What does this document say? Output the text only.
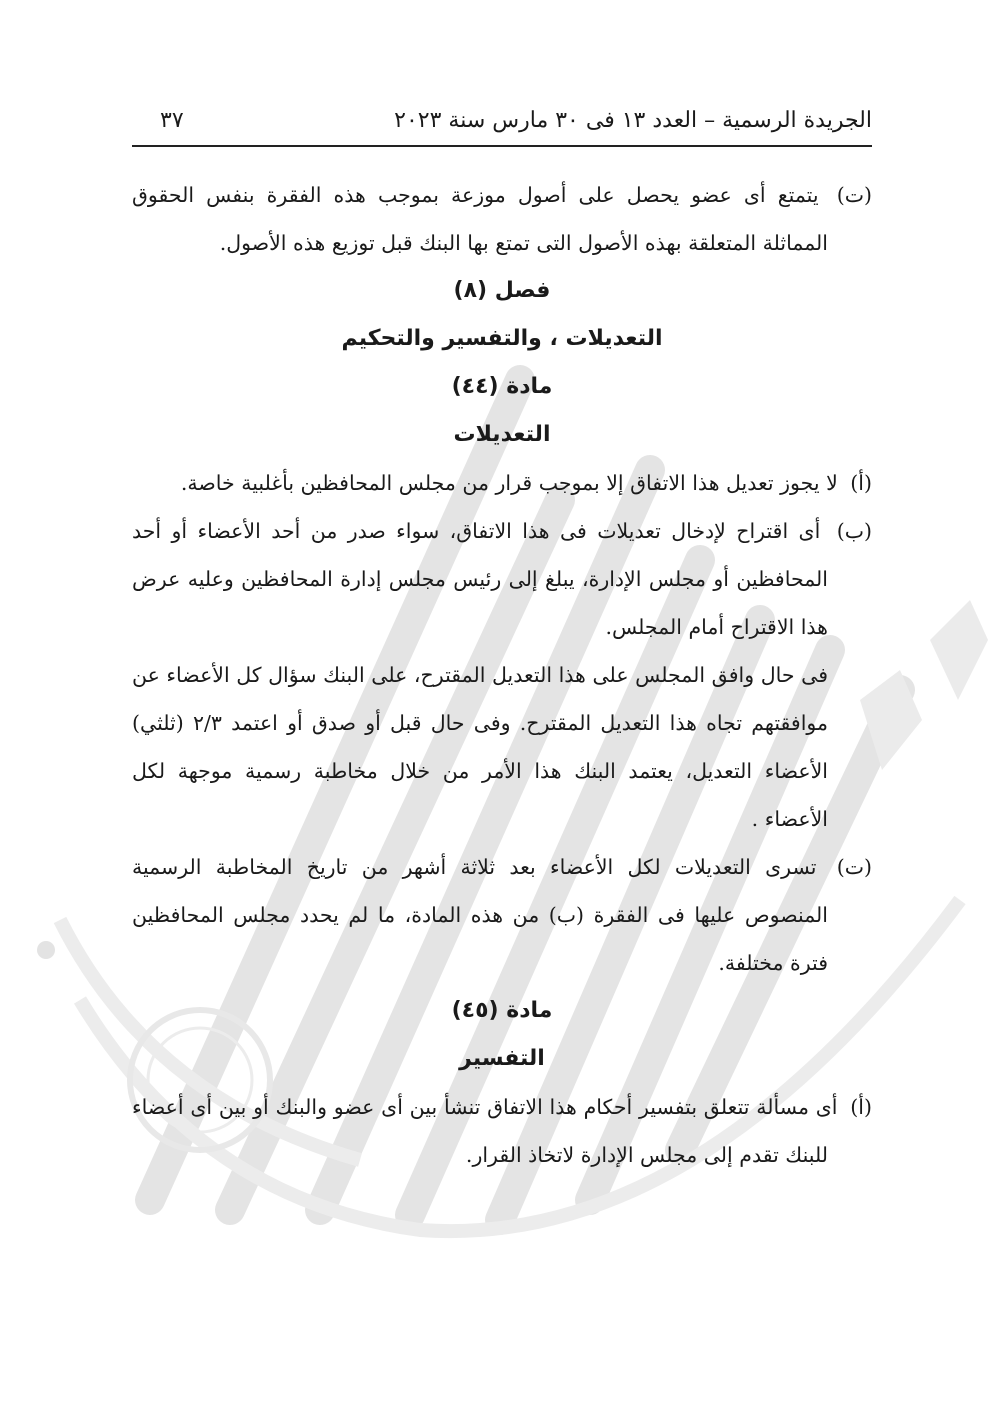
الجريدة الرسمية – العدد ١٣ فى ٣٠ مارس سنة ٢٠٢٣
٣٧
(ت) يتمتع أى عضو يحصل على أصول موزعة بموجب هذه الفقرة بنفس الحقوق المماثلة المتعلقة بهذه الأصول التى تمتع بها البنك قبل توزيع هذه الأصول.
فصل (٨)
التعديلات ، والتفسير والتحكيم
مادة (٤٤)
التعديلات
(أ) لا يجوز تعديل هذا الاتفاق إلا بموجب قرار من مجلس المحافظين بأغلبية خاصة.
(ب) أى اقتراح لإدخال تعديلات فى هذا الاتفاق، سواء صدر من أحد الأعضاء أو أحد المحافظين أو مجلس الإدارة، يبلغ إلى رئيس مجلس إدارة المحافظين وعليه عرض هذا الاقتراح أمام المجلس.
فى حال وافق المجلس على هذا التعديل المقترح، على البنك سؤال كل الأعضاء عن موافقتهم تجاه هذا التعديل المقترح. وفى حال قبل أو صدق أو اعتمد ٢/٣ (ثلثي) الأعضاء التعديل، يعتمد البنك هذا الأمر من خلال مخاطبة رسمية موجهة لكل الأعضاء .
(ت) تسرى التعديلات لكل الأعضاء بعد ثلاثة أشهر من تاريخ المخاطبة الرسمية المنصوص عليها فى الفقرة (ب) من هذه المادة، ما لم يحدد مجلس المحافظين فترة مختلفة.
مادة (٤٥)
التفسير
(أ) أى مسألة تتعلق بتفسير أحكام هذا الاتفاق تنشأ بين أى عضو والبنك أو بين أى أعضاء للبنك تقدم إلى مجلس الإدارة لاتخاذ القرار.
